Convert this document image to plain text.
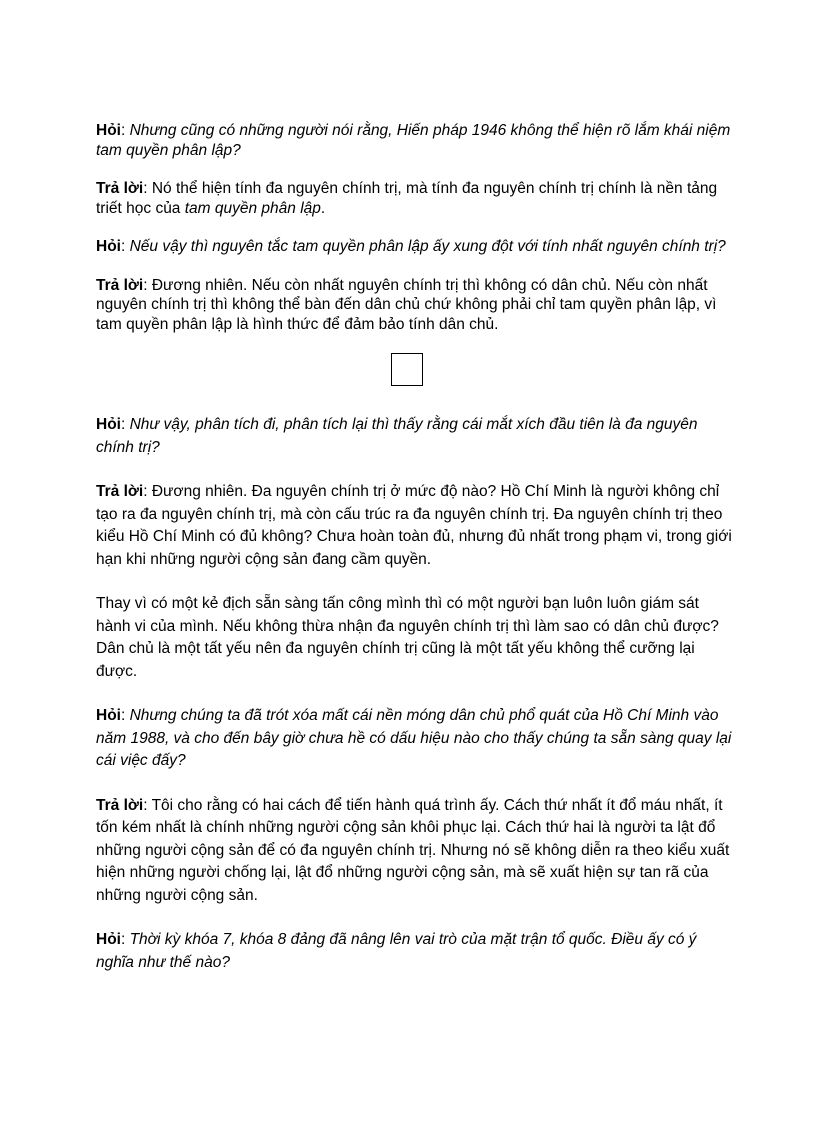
Hỏi: Nhưng cũng có những người nói rằng, Hiến pháp 1946 không thể hiện rõ lắm khái niệm tam quyền phân lập?

Trả lời: Nó thể hiện tính đa nguyên chính trị, mà tính đa nguyên chính trị chính là nền tảng triết học của tam quyền phân lập.

Hỏi: Nếu vậy thì nguyên tắc tam quyền phân lập ấy xung đột với tính nhất nguyên chính trị?

Trả lời: Đương nhiên. Nếu còn nhất nguyên chính trị thì không có dân chủ. Nếu còn nhất nguyên chính trị thì không thể bàn đến dân chủ chứ không phải chỉ tam quyền phân lập, vì tam quyền phân lập là hình thức để đảm bảo tính dân chủ.

Hỏi: Như vậy, phân tích đi, phân tích lại thì thấy rằng cái mắt xích đầu tiên là đa nguyên chính trị?

Trả lời: Đương nhiên. Đa nguyên chính trị ở mức độ nào? Hồ Chí Minh là người không chỉ tạo ra đa nguyên chính trị, mà còn cấu trúc ra đa nguyên chính trị. Đa nguyên chính trị theo kiểu Hồ Chí Minh có đủ không? Chưa hoàn toàn đủ, nhưng đủ nhất trong phạm vi, trong giới hạn khi những người cộng sản đang cầm quyền.

Thay vì có một kẻ địch sẵn sàng tấn công mình thì có một người bạn luôn luôn giám sát hành vi của mình. Nếu không thừa nhận đa nguyên chính trị thì làm sao có dân chủ được? Dân chủ là một tất yếu nên đa nguyên chính trị cũng là một tất yếu không thể cưỡng lại được.

Hỏi: Nhưng chúng ta đã trót xóa mất cái nền móng dân chủ phổ quát của Hồ Chí Minh vào năm 1988, và cho đến bây giờ chưa hề có dấu hiệu nào cho thấy chúng ta sẵn sàng quay lại cái việc đấy?

Trả lời: Tôi cho rằng có hai cách để tiến hành quá trình ấy. Cách thứ nhất ít đổ máu nhất, ít tốn kém nhất là chính những người cộng sản khôi phục lại. Cách thứ hai là người ta lật đổ những người cộng sản để có đa nguyên chính trị. Nhưng nó sẽ không diễn ra theo kiểu xuất hiện những người chống lại, lật đổ những người cộng sản, mà sẽ xuất hiện sự tan rã của những người cộng sản.

Hỏi: Thời kỳ khóa 7, khóa 8 đảng đã nâng lên vai trò của mặt trận tổ quốc. Điều ấy có ý nghĩa như thế nào?
